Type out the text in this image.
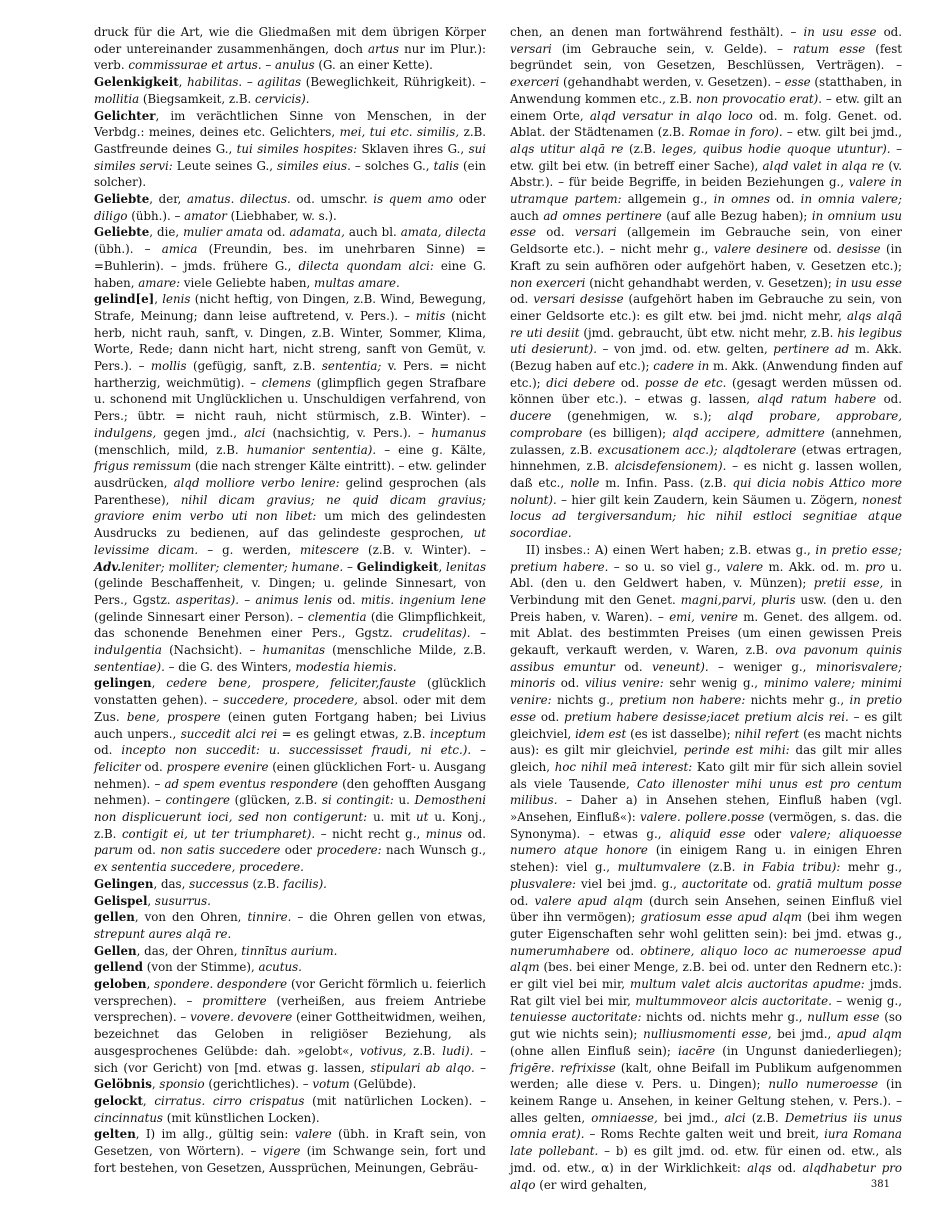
druck für die Art, wie die Gliedmaßen mit dem übrigen Körper oder untereinander zusammenhängen, doch artus nur im Plur.): verb. commissurae et artus. – anulus (G. an einer Kette).

Gelenkigkeit, habilitas. – agilitas (Beweglichkeit, Rührigkeit). – mollitia (Biegsamkeit, z.B. cervicis).

Gelichter, im verächtlichen Sinne von Menschen, in der Verbdg.: meines, deines etc. Gelichters, mei, tui etc. similis, z.B. Gastfreunde deines G., tui similes hospites: Sklaven ihres G., sui similes servi: Leute seines G., similes eius. – solches G., talis (ein solcher).

Geliebte, der, amatus. dilectus. od. umschr. is quem amo oder diligo (übh.). – amator (Liebhaber, w. s.).

Geliebte, die, mulier amata od. adamata, auch bl. amata, dilecta (übh.). – amica (Freundin, bes. im unehrbaren Sinne) = =Buhlerin). – jmds. frühere G., dilecta quondam alci: eine G. haben, amare: viele Geliebte haben, multas amare.

gelind[e], lenis (nicht heftig, von Dingen, z.B. Wind, Bewegung, Strafe, Meinung; dann leise auftretend, v. Pers.). – mitis (nicht herb, nicht rauh, sanft, v. Dingen, z.B. Winter, Sommer, Klima, Worte, Rede; dann nicht hart, nicht streng, sanft von Gemüt, v. Pers.). – mollis (gefügig, sanft, z.B. sententia; v. Pers. = nicht hartherzig, weichmütig). – clemens (glimpflich gegen Strafbare u. schonend mit Unglücklichen u. Unschuldigen verfahrend, von Pers.; übtr. = nicht rauh, nicht stürmisch, z.B. Winter). – indulgens, gegen jmd., alci (nachsichtig, v. Pers.). – humanus (menschlich, mild, z.B. humanior sententia). – eine g. Kälte, frigus remissum (die nach strenger Kälte eintritt). – etw. gelinder ausdrücken, alqd molliore verbo lenire: gelind gesprochen (als Parenthese), nihil dicam gravius; ne quid dicam gravius; graviore enim verbo uti non libet: um mich des gelindesten Ausdrucks zu bedienen, auf das gelindeste gesprochen, ut levissime dicam. – g. werden, mitescere (z.B. v. Winter). – Adv.leniter; molliter; clementer; humane. – Gelindigkeit, lenitas (gelinde Beschaffenheit, v. Dingen; u. gelinde Sinnesart, von Pers., Ggstz. asperitas). – animus lenis od. mitis. ingenium lene (gelinde Sinnesart einer Person). – clementia (die Glimpflichkeit, das schonende Benehmen einer Pers., Ggstz. crudelitas). – indulgentia (Nachsicht). – humanitas (menschliche Milde, z.B. sententiae). – die G. des Winters, modestia hiemis.

gelingen, cedere bene, prospere, feliciter,fauste (glücklich vonstatten gehen). – succedere, procedere, absol. oder mit dem Zus. bene, prospere (einen guten Fortgang haben; bei Livius auch unpers., succedit alci rei = es gelingt etwas, z.B. inceptum od. incepto non succedit: u. successisset fraudi, ni etc.). – feliciter od. prospere evenire (einen glücklichen Fort- u. Ausgang nehmen). – ad spem eventus respondere (den gehofften Ausgang nehmen). – contingere (glücken, z.B. si contingit: u. Demostheni non displicuerunt ioci, sed non contigerunt: u. mit ut u. Konj., z.B. contigit ei, ut ter triumpharet). – nicht recht g., minus od. parum od. non satis succedere oder procedere: nach Wunsch g., ex sententia succedere, procedere.

Gelingen, das, successus (z.B. facilis).

Gelispel, susurrus.

gellen, von den Ohren, tinnire. – die Ohren gellen von etwas, strepunt aures alqā re.

Gellen, das, der Ohren, tinnītus aurium.

gellend (von der Stimme), acutus.

geloben, spondere. despondere (vor Gericht förmlich u. feierlich versprechen). – promittere (verheißen, aus freiem Antriebe versprechen). – vovere. devovere (einer Gottheitwidmen, weihen, bezeichnet das Geloben in religiöser Beziehung, als ausgesprochenes Gelübde: dah. »gelobt«, votivus, z.B. ludi). – sich (vor Gericht) von [md. etwas g. lassen, stipulari ab alqo. – Gelöbnis, sponsio (gerichtliches). – votum (Gelübde).

gelockt, cirratus. cirro crispatus (mit natürlichen Locken). – cincinnatus (mit künstlichen Locken).

gelten, I) im allg., gültig sein: valere (übh. in Kraft sein, von Gesetzen, von Wörtern). – vigere (im Schwange sein, fort und fort bestehen, von Gesetzen, Aussprüchen, Meinungen, Gebräu-

chen, an denen man fortwährend festhält). – in usu esse od. versari (im Gebrauche sein, v. Gelde). – ratum esse (fest begründet sein, von Gesetzen, Beschlüssen, Verträgen). – exerceri (gehandhabt werden, v. Gesetzen). – esse (statthaben, in Anwendung kommen etc., z.B. non provocatio erat). – etw. gilt an einem Orte, alqd versatur in alqo loco od. m. folg. Genet. od. Ablat. der Städtenamen (z.B. Romae in foro). – etw. gilt bei jmd., alqs utitur alqā re (z.B. leges, quibus hodie quoque utuntur). – etw. gilt bei etw. (in betreff einer Sache), alqd valet in alqa re (v. Abstr.). – für beide Begriffe, in beiden Beziehungen g., valere in utramque partem: allgemein g., in omnes od. in omnia valere; auch ad omnes pertinere (auf alle Bezug haben); in omnium usu esse od. versari (allgemein im Gebrauche sein, von einer Geldsorte etc.). – nicht mehr g., valere desinere od. desisse (in Kraft zu sein aufhören oder aufgehört haben, v. Gesetzen etc.); non exerceri (nicht gehandhabt werden, v. Gesetzen); in usu esse od. versari desisse (aufgehört haben im Gebrauche zu sein, von einer Geldsorte etc.): es gilt etw. bei jmd. nicht mehr, alqs alqā re uti desiit (jmd. gebraucht, übt etw. nicht mehr, z.B. his legibus uti desierunt). – von jmd. od. etw. gelten, pertinere ad m. Akk. (Bezug haben auf etc.); cadere in m. Akk. (Anwendung finden auf etc.); dici debere od. posse de etc. (gesagt werden müssen od. können über etc.). – etwas g. lassen, alqd ratum habere od. ducere (genehmigen, w. s.); alqd probare, approbare, comprobare (es billigen); alqd accipere, admittere (annehmen, zulassen, z.B. excusationem acc.); alqdtolerare (etwas ertragen, hinnehmen, z.B. alcisdefensionem). – es nicht g. lassen wollen, daß etc., nolle m. Infin. Pass. (z.B. qui dicia nobis Attico more nolunt). – hier gilt kein Zaudern, kein Säumen u. Zögern, nonest locus ad tergiversandum; hic nihil estloci segnitiae atque socordiae.

II) insbes.: A) einen Wert haben; z.B. etwas g., in pretio esse; pretium habere. – so u. so viel g., valere m. Akk. od. m. pro u. Abl. (den u. den Geldwert haben, v. Münzen); pretii esse, in Verbindung mit den Genet. magni,parvi, pluris usw. (den u. den Preis haben, v. Waren). – emi, venire m. Genet. des allgem. od. mit Ablat. des bestimmten Preises (um einen gewissen Preis gekauft, verkauft werden, v. Waren, z.B. ova pavonum quinis assibus emuntur od. veneunt). – weniger g., minorisvalere; minoris od. vilius venire: sehr wenig g., minimo valere; minimi venire: nichts g., pretium non habere: nichts mehr g., in pretio esse od. pretium habere desisse;iacet pretium alcis rei. – es gilt gleichviel, idem est (es ist dasselbe); nihil refert (es macht nichts aus): es gilt mir gleichviel, perinde est mihi: das gilt mir alles gleich, hoc nihil meā interest: Kato gilt mir für sich allein soviel als viele Tausende, Cato illenoster mihi unus est pro centum milibus. – Daher a) in Ansehen stehen, Einfluß haben (vgl. »Ansehen, Einfluß«): valere. pollere.posse (vermögen, s. das. die Synonyma). – etwas g., aliquid esse oder valere; aliquoesse numero atque honore (in einigem Rang u. in einigen Ehren stehen): viel g., multumvalere (z.B. in Fabia tribu): mehr g., plusvalere: viel bei jmd. g., auctoritate od. gratiā multum posse od. valere apud alqm (durch sein Ansehen, seinen Einfluß viel über ihn vermögen); gratiosum esse apud alqm (bei ihm wegen guter Eigenschaften sehr wohl gelitten sein): bei jmd. etwas g., numerumhabere od. obtinere, aliquo loco ac numeroesse apud alqm (bes. bei einer Menge, z.B. bei od. unter den Rednern etc.): er gilt viel bei mir, multum valet alcis auctoritas apudme: jmds. Rat gilt viel bei mir, multummoveor alcis auctoritate. – wenig g., tenuiesse auctoritate: nichts od. nichts mehr g., nullum esse (so gut wie nichts sein); nulliusmomenti esse, bei jmd., apud alqm (ohne allen Einfluß sein); iacēre (in Ungunst daniederliegen); frigēre. refrixisse (kalt, ohne Beifall im Publikum aufgenommen werden; alle diese v. Pers. u. Dingen); nullo numeroesse (in keinem Range u. Ansehen, in keiner Geltung stehen, v. Pers.). – alles gelten, omniaesse, bei jmd., alci (z.B. Demetrius iis unus omnia erat). – Roms Rechte galten weit und breit, iura Romana late pollebant. – b) es gilt jmd. od. etw. für einen od. etw., als jmd. od. etw., α) in der Wirklichkeit: alqs od. alqdhabetur pro alqo (er wird gehalten,	381
